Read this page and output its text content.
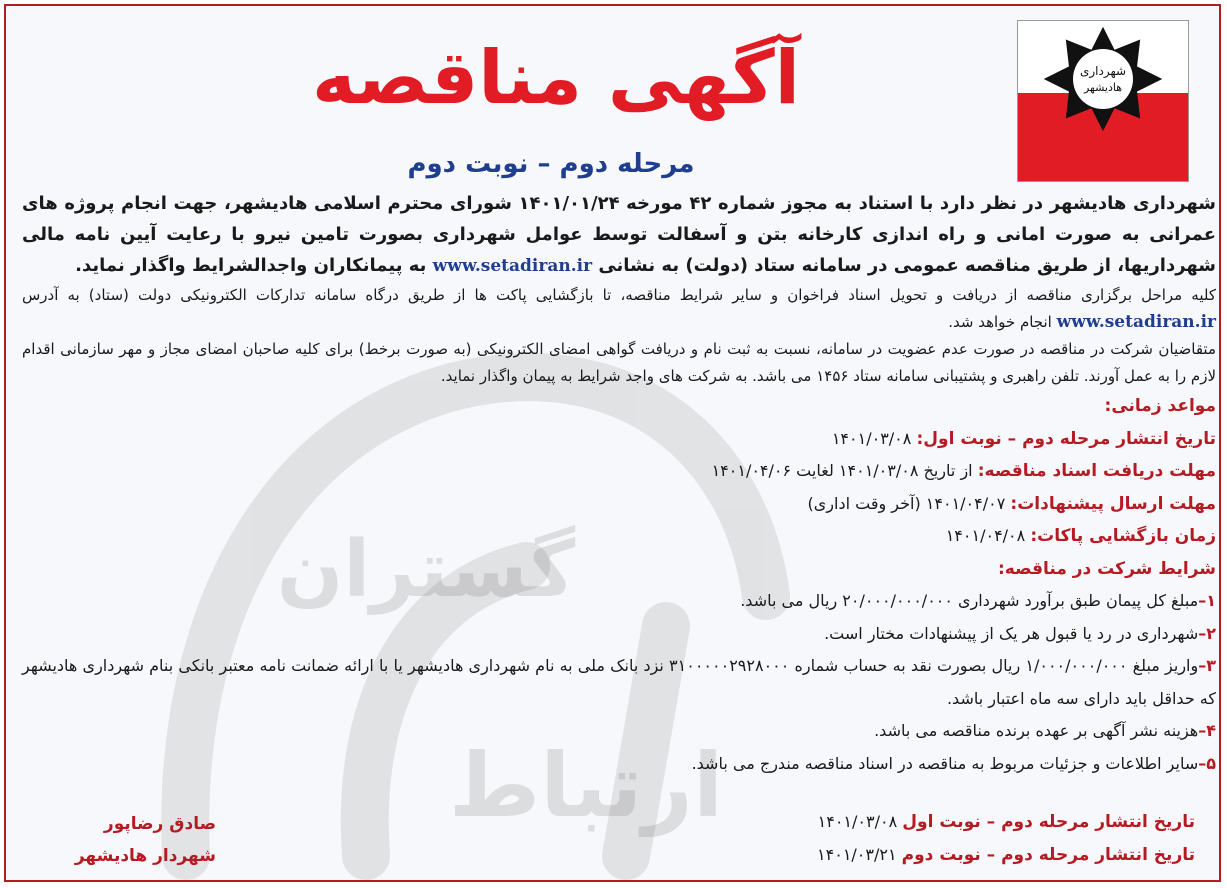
ارتباط
گستران
شهرداری
هادیشهر
آگهی مناقصه
مرحله دوم – نوبت دوم

شهرداری هادیشهر در نظر دارد با استناد به مجوز شماره ۴۲ مورخه ۱۴۰۱/۰۱/۲۴ شورای محترم اسلامی هادیشهر، جهت انجام پروژه های عمرانی به صورت امانی و راه اندازی کارخانه بتن و آسفالت توسط عوامل شهرداری بصورت تامین نیرو با رعایت آیین نامه مالی شهرداریها، از طریق مناقصه عمومی در سامانه ستاد (دولت) به نشانی www.setadiran.ir به پیمانکاران واجدالشرایط واگذار نماید.

کلیه مراحل برگزاری مناقصه از دریافت و تحویل اسناد فراخوان و سایر شرایط مناقصه، تا بازگشایی پاکت ها از طریق درگاه سامانه تدارکات الکترونیکی دولت (ستاد) به آدرس www.setadiran.ir انجام خواهد شد.

متقاضیان شرکت در مناقصه در صورت عدم عضویت در سامانه، نسبت به ثبت نام و دریافت گواهی امضای الکترونیکی (به صورت برخط) برای کلیه صاحبان امضای مجاز و مهر سازمانی اقدام لازم را به عمل آورند. تلفن راهبری و پشتیبانی سامانه ستاد ۱۴۵۶ می باشد. به شرکت های واجد شرایط به پیمان واگذار نماید.

مواعد زمانی:

تاریخ انتشار مرحله دوم – نوبت اول: ۱۴۰۱/۰۳/۰۸

مهلت دریافت اسناد مناقصه: از تاریخ ۱۴۰۱/۰۳/۰۸ لغایت ۱۴۰۱/۰۴/۰۶

مهلت ارسال پیشنهادات: ۱۴۰۱/۰۴/۰۷ (آخر وقت اداری)

زمان بازگشایی پاکات: ۱۴۰۱/۰۴/۰۸

شرایط شرکت در مناقصه:

۱–مبلغ کل پیمان طبق برآورد شهرداری ۲۰/۰۰۰/۰۰۰/۰۰۰ ریال می باشد.

۲–شهرداری در رد یا قبول هر یک از پیشنهادات مختار است.

۳–واریز مبلغ ۱/۰۰۰/۰۰۰/۰۰۰ ریال بصورت نقد به حساب شماره ۳۱۰۰۰۰۰۲۹۲۸۰۰۰ نزد بانک ملی به نام شهرداری هادیشهر یا با ارائه ضمانت نامه معتبر بانکی بنام شهرداری هادیشهر که حداقل باید دارای سه ماه اعتبار باشد.

۴–هزینه نشر آگهی بر عهده برنده مناقصه می باشد.

۵–سایر اطلاعات و جزئیات مربوط به مناقصه در اسناد مناقصه مندرج می باشد.

تاریخ انتشار مرحله دوم – نوبت اول ۱۴۰۱/۰۳/۰۸

تاریخ انتشار مرحله دوم – نوبت دوم ۱۴۰۱/۰۳/۲۱

صادق رضاپور
شهردار هادیشهر
